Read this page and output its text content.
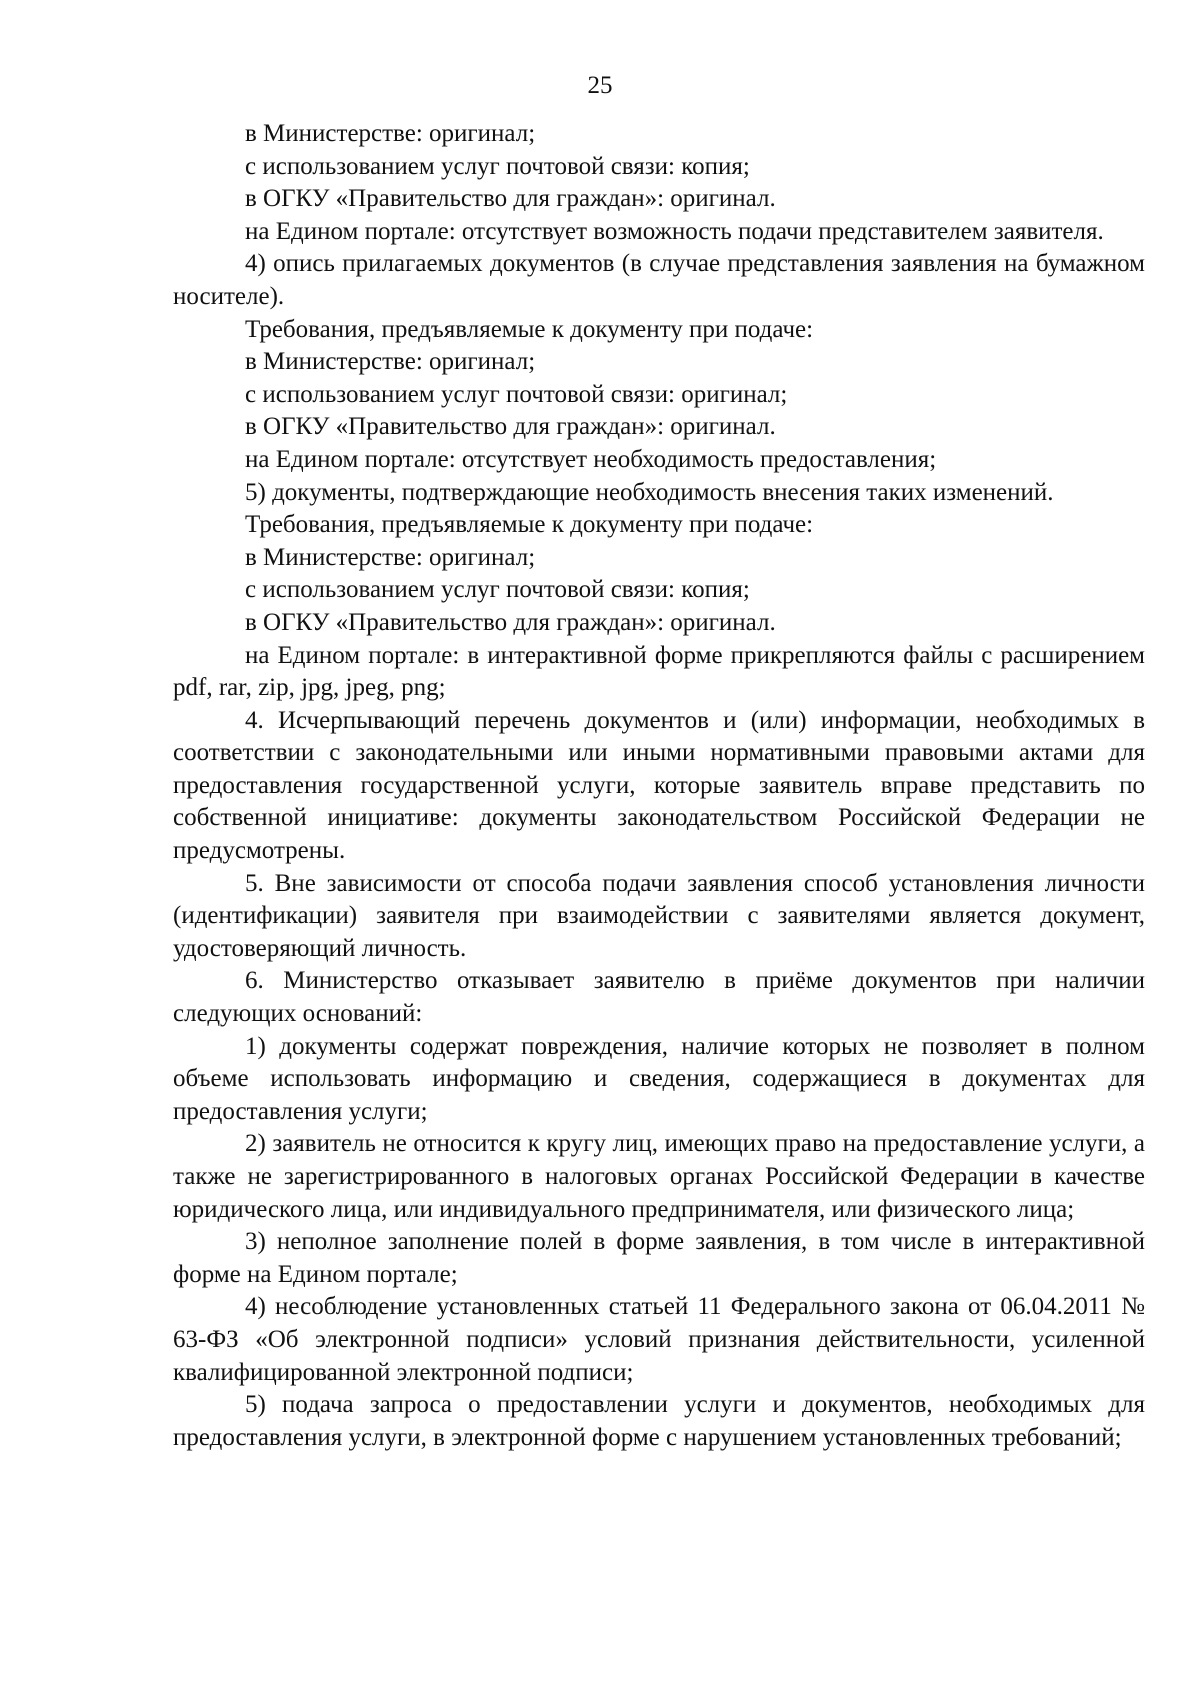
25

в Министерстве: оригинал;

с использованием услуг почтовой связи: копия;

в ОГКУ «Правительство для граждан»: оригинал.

на Едином портале: отсутствует возможность подачи представителем заявителя.

4) опись прилагаемых документов (в случае представления заявления на бумажном носителе).

Требования, предъявляемые к документу при подаче:

в Министерстве: оригинал;

с использованием услуг почтовой связи: оригинал;

в ОГКУ «Правительство для граждан»: оригинал.

на Едином портале: отсутствует необходимость предоставления;

5) документы, подтверждающие необходимость внесения таких изменений.

Требования, предъявляемые к документу при подаче:

в Министерстве: оригинал;

с использованием услуг почтовой связи: копия;

в ОГКУ «Правительство для граждан»: оригинал.

на Едином портале: в интерактивной форме прикрепляются файлы с расширением pdf, rar, zip, jpg, jpeg, png;

4. Исчерпывающий перечень документов и (или) информации, необходимых в соответствии с законодательными или иными нормативными правовыми актами для предоставления государственной услуги, которые заявитель вправе представить по собственной инициативе: документы законодательством Российской Федерации не предусмотрены.

5. Вне зависимости от способа подачи заявления способ установления личности (идентификации) заявителя при взаимодействии с заявителями является документ, удостоверяющий личность.

6. Министерство отказывает заявителю в приёме документов при наличии следующих оснований:

1) документы содержат повреждения, наличие которых не позволяет в полном объеме использовать информацию и сведения, содержащиеся в документах для предоставления услуги;

2) заявитель не относится к кругу лиц, имеющих право на предоставление услуги, а также не зарегистрированного в налоговых органах Российской Федерации в качестве юридического лица, или индивидуального предпринимателя, или физического лица;

3) неполное заполнение полей в форме заявления, в том числе в интерактивной форме на Едином портале;

4) несоблюдение установленных статьей 11 Федерального закона от 06.04.2011 № 63-ФЗ «Об электронной подписи» условий признания действительности, усиленной квалифицированной электронной подписи;

5) подача запроса о предоставлении услуги и документов, необходимых для предоставления услуги, в электронной форме с нарушением установленных требований;
